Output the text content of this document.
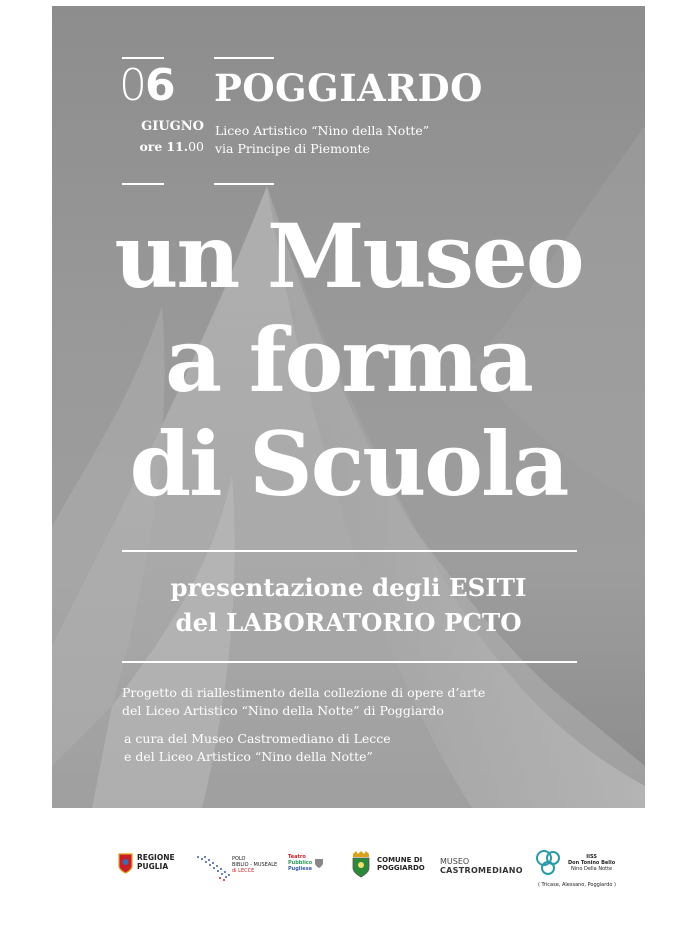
06
GIUGNO
ore 11.00
POGGIARDO
Liceo Artistico “Nino della Notte”
via Principe di Piemonte
un Museo
a forma
di Scuola
presentazione degli ESITI
del LABORATORIO PCTO
Progetto di riallestimento della collezione di opere d’arte
del Liceo Artistico “Nino della Notte” di Poggiardo
a cura del Museo Castromediano di Lecce
e del Liceo Artistico “Nino della Notte”
REGIONE
PUGLIA
POLO
BIBLIO - MUSEALE
di LECCE
Teatro
Pubblico
Pugliese
COMUNE DI
POGGIARDO
MUSEO
CASTROMEDIANO
IISS
Don Tonino Bello
Nino Della Notte
( Tricase, Alessano, Poggiardo )
